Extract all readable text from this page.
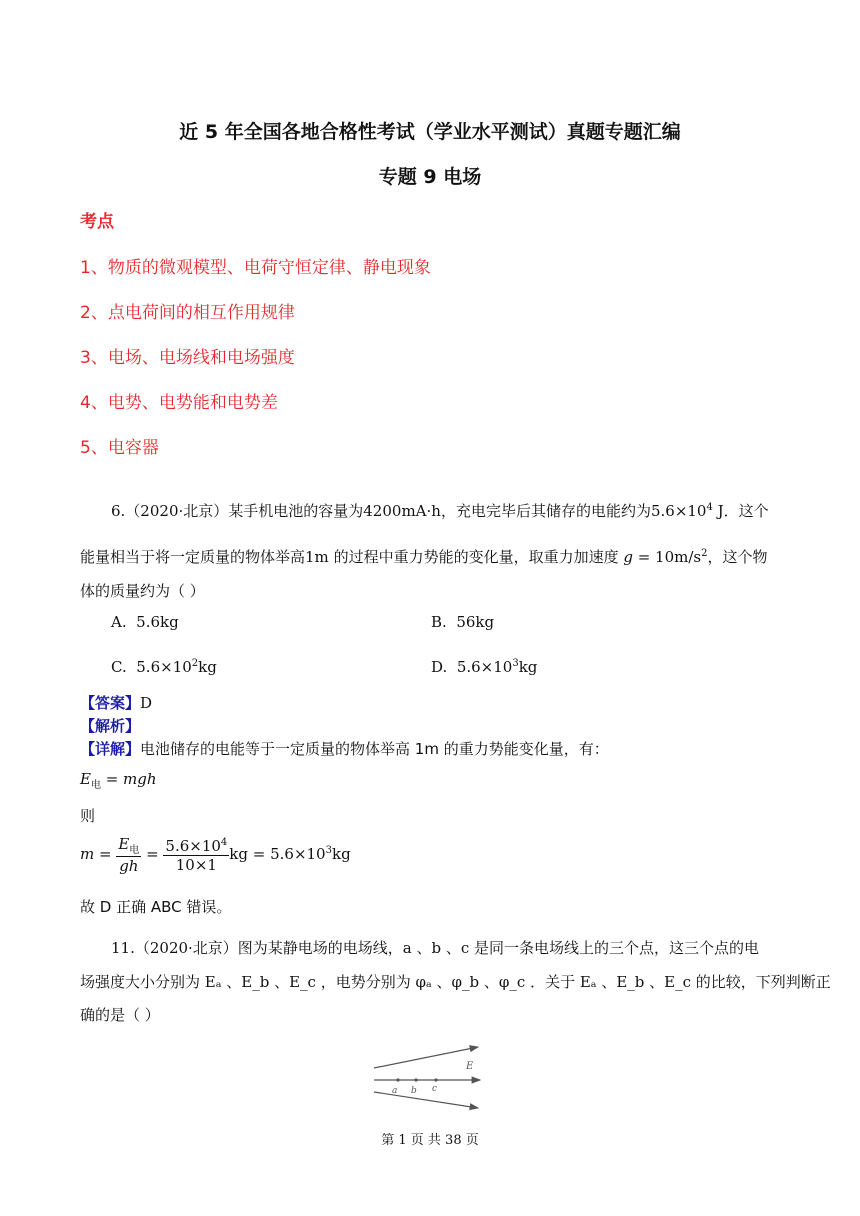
近 5 年全国各地合格性考试（学业水平测试）真题专题汇编
专题 9 电场
考点
1、物质的微观模型、电荷守恒定律、静电现象
2、点电荷间的相互作用规律
3、电场、电场线和电场强度
4、电势、电势能和电势差
5、电容器
6.（2020·北京）某手机电池的容量为4200mA·h，充电完毕后其储存的电能约为$5.6\times 10^4$ J．这个
能量相当于将一定质量的物体举高1m 的过程中重力势能的变化量，取重力加速度 $g = 10m/s^2$，这个物
体的质量约为（ ）
A. 5.6kg	B. 56kg
C. $5.6\times 10^2kg$	D. $5.6\times 10^3kg$
【答案】D
【解析】
【详解】电池储存的电能等于一定质量的物体举高 1m 的重力势能变化量，有：
$E_电$ = mgh
则
$m = \frac{E_电}{gh} = \frac{5.6\times 10^4}{10\times 1}$ kg = $5.6\times 10^3kg$
故 D 正确 ABC 错误。
11.（2020·北京）图为某静电场的电场线，a 、b 、c 是同一条电场线上的三个点，这三个点的电
场强度大小分别为 Eₐ 、E_b 、E_c ，电势分别为 φₐ 、φ_b 、φ_c ．关于 Eₐ 、E_b 、E_c 的比较，下列判断正
确的是（ ）
E
a b c
第 1 页 共 38 页
